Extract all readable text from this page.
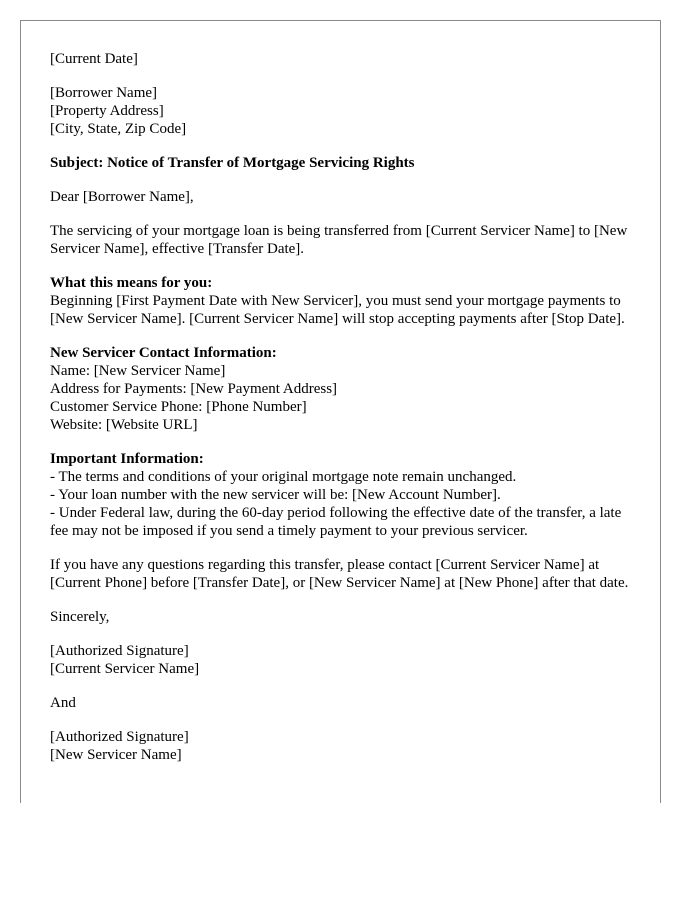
[Current Date]
[Borrower Name]
[Property Address]
[City, State, Zip Code]
Subject: Notice of Transfer of Mortgage Servicing Rights
Dear [Borrower Name],
The servicing of your mortgage loan is being transferred from [Current Servicer Name] to [New Servicer Name], effective [Transfer Date].
What this means for you:
Beginning [First Payment Date with New Servicer], you must send your mortgage payments to [New Servicer Name]. [Current Servicer Name] will stop accepting payments after [Stop Date].
New Servicer Contact Information:
Name: [New Servicer Name]
Address for Payments: [New Payment Address]
Customer Service Phone: [Phone Number]
Website: [Website URL]
Important Information:
- The terms and conditions of your original mortgage note remain unchanged.
- Your loan number with the new servicer will be: [New Account Number].
- Under Federal law, during the 60-day period following the effective date of the transfer, a late fee may not be imposed if you send a timely payment to your previous servicer.
If you have any questions regarding this transfer, please contact [Current Servicer Name] at [Current Phone] before [Transfer Date], or [New Servicer Name] at [New Phone] after that date.
Sincerely,
[Authorized Signature]
[Current Servicer Name]
And
[Authorized Signature]
[New Servicer Name]
